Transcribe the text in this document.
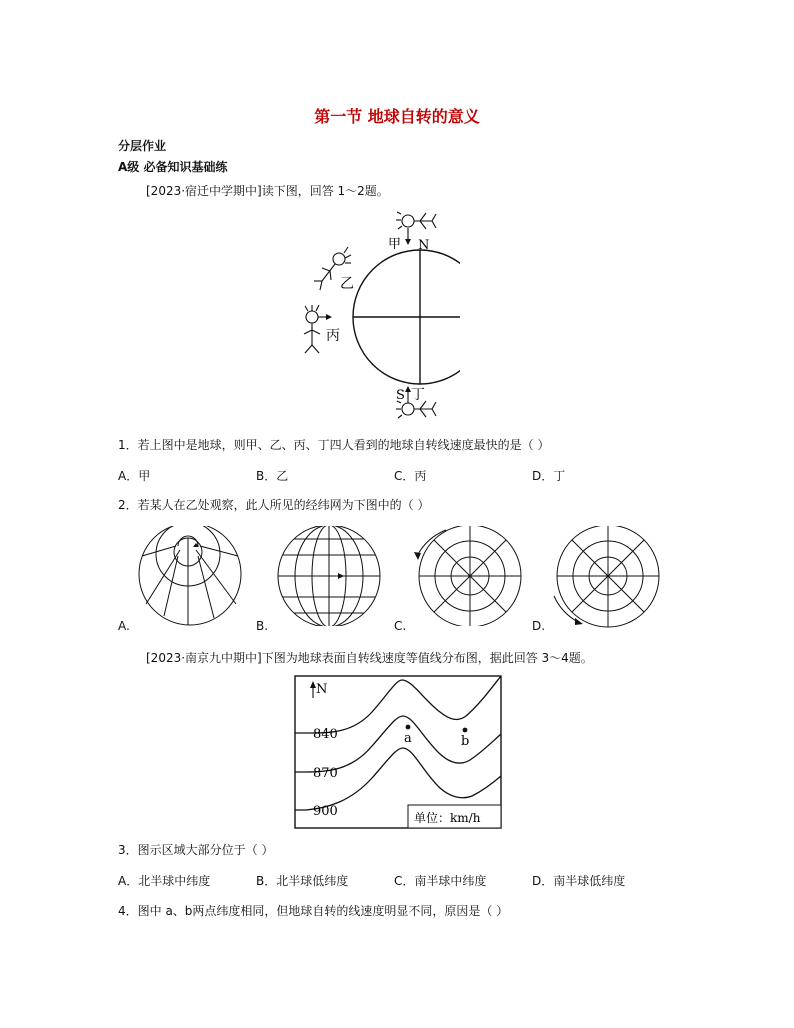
第一节 地球自转的意义
分层作业
A级 必备知识基础练
[2023·宿迁中学期中]读下图，回答 1～2题。
甲 N
乙
丙
S 丁
1．若上图中是地球，则甲、乙、丙、丁四人看到的地球自转线速度最快的是（ ）
A．甲	B．乙	C．丙	D．丁
2．若某人在乙处观察，此人所见的经纬网为下图中的（ ）
A.	B.	C.	D.
[2023·南京九中期中]下图为地球表面自转线速度等值线分布图，据此回答 3～4题。
N
840
870
900
a	b
单位：km/h
3．图示区域大部分位于（ ）
A．北半球中纬度	B．北半球低纬度	C．南半球中纬度	D．南半球低纬度
4．图中 a、b两点纬度相同，但地球自转的线速度明显不同，原因是（ ）
